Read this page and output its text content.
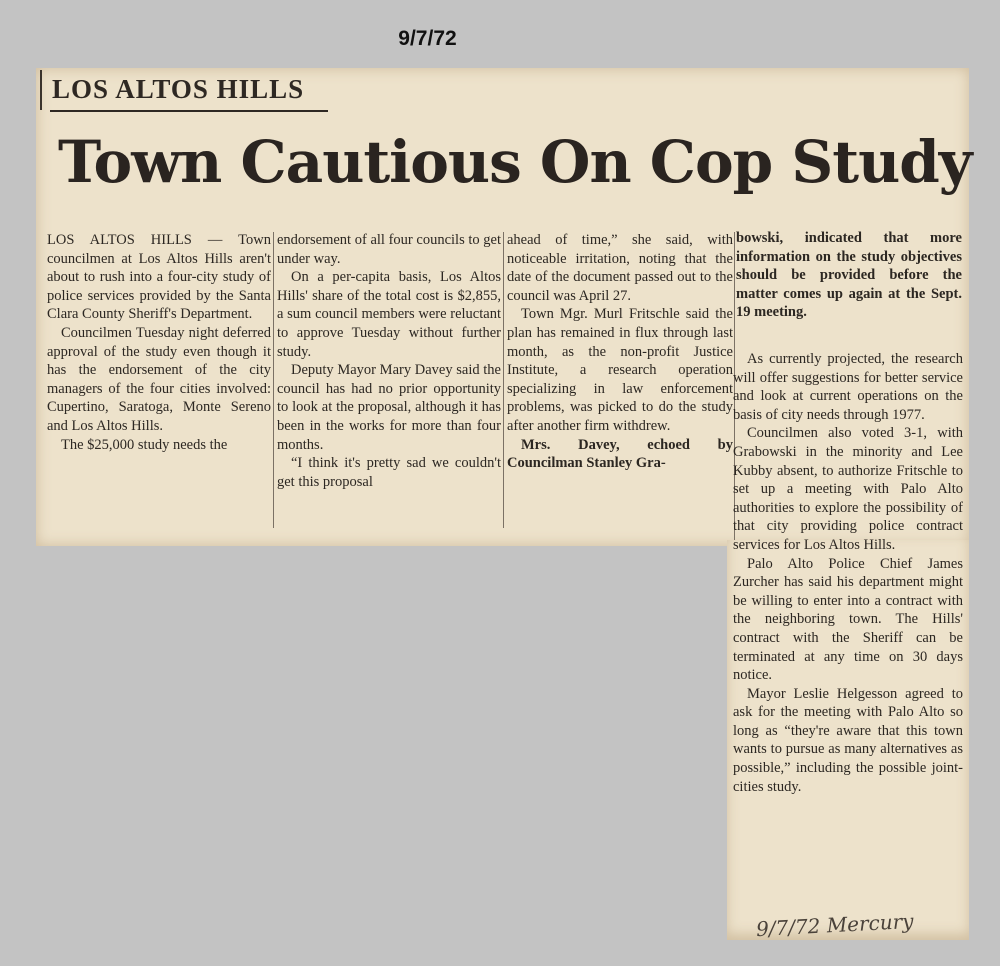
9/7/72
LOS ALTOS HILLS
Town Cautious On Cop Study

LOS ALTOS HILLS — Town councilmen at Los Altos Hills aren't about to rush into a four-city study of police services provided by the Santa Clara County Sheriff's Department.

Councilmen Tuesday night deferred approval of the study even though it has the endorsement of the city managers of the four cities involved: Cupertino, Saratoga, Monte Sereno and Los Altos Hills.

The $25,000 study needs the

endorsement of all four councils to get under way.

On a per-capita basis, Los Altos Hills' share of the total cost is $2,855, a sum council members were reluctant to approve Tuesday without further study.

Deputy Mayor Mary Davey said the council has had no prior opportunity to look at the proposal, although it has been in the works for more than four months.

“I think it's pretty sad we couldn't get this proposal

ahead of time,” she said, with noticeable irritation, noting that the date of the document passed out to the council was April 27.

Town Mgr. Murl Fritschle said the plan has remained in flux through last month, as the non-profit Justice Institute, a research operation specializing in law enforcement problems, was picked to do the study after another firm withdrew.

Mrs. Davey, echoed by Councilman Stanley Gra-

bowski, indicated that more information on the study objectives should be provided before the matter comes up again at the Sept. 19 meeting.

As currently projected, the research will offer suggestions for better service and look at current operations on the basis of city needs through 1977.

Councilmen also voted 3-1, with Grabowski in the minority and Lee Kubby absent, to authorize Fritschle to set up a meeting with Palo Alto authorities to explore the possibility of that city providing police contract services for Los Altos Hills.

Palo Alto Police Chief James Zurcher has said his department might be willing to enter into a contract with the neighboring town. The Hills' contract with the Sheriff can be terminated at any time on 30 days notice.

Mayor Leslie Helgesson agreed to ask for the meeting with Palo Alto so long as “they're aware that this town wants to pursue as many alternatives as possible,” including the possible joint-cities study.

9/7/72 Mercury
